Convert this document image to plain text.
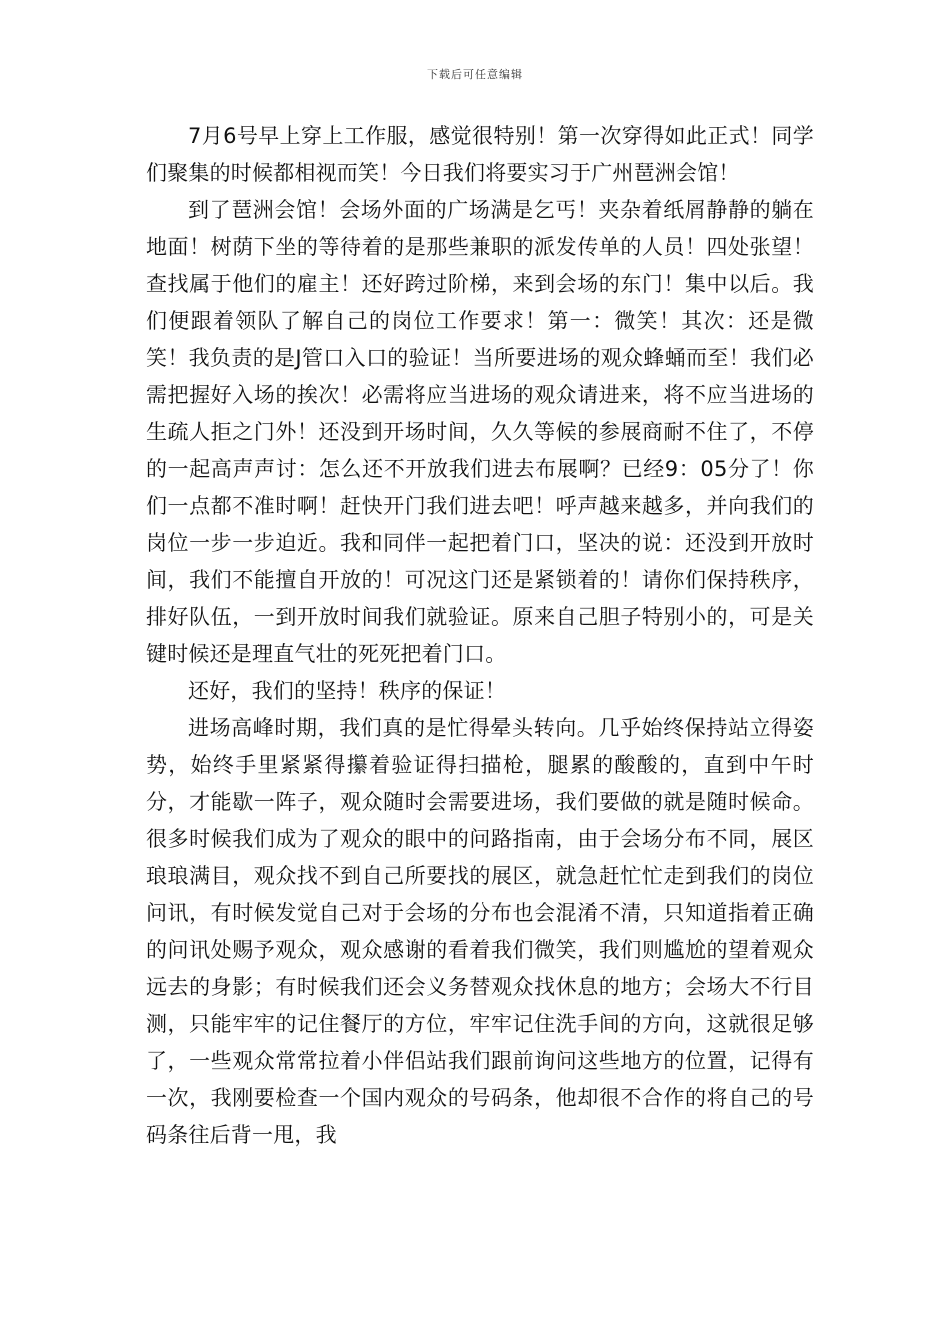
下载后可任意编辑

7月6号早上穿上工作服，感觉很特别！第一次穿得如此正式！同学们聚集的时候都相视而笑！今日我们将要实习于广州琶洲会馆！

到了琶洲会馆！会场外面的广场满是乞丐！夹杂着纸屑静静的躺在地面！树荫下坐的等待着的是那些兼职的派发传单的人员！四处张望！查找属于他们的雇主！还好跨过阶梯，来到会场的东门！集中以后。我们便跟着领队了解自己的岗位工作要求！第一：微笑！其次：还是微笑！我负责的是J管口入口的验证！当所要进场的观众蜂蛹而至！我们必需把握好入场的挨次！必需将应当进场的观众请进来，将不应当进场的生疏人拒之门外！还没到开场时间，久久等候的参展商耐不住了，不停的一起高声声讨：怎么还不开放我们进去布展啊？已经9：05分了！你们一点都不准时啊！赶快开门我们进去吧！呼声越来越多，并向我们的岗位一步一步迫近。我和同伴一起把着门口，坚决的说：还没到开放时间，我们不能擅自开放的！可况这门还是紧锁着的！请你们保持秩序，排好队伍，一到开放时间我们就验证。原来自己胆子特别小的，可是关键时候还是理直气壮的死死把着门口。

还好，我们的坚持！秩序的保证！

进场高峰时期，我们真的是忙得晕头转向。几乎始终保持站立得姿势，始终手里紧紧得攥着验证得扫描枪，腿累的酸酸的，直到中午时分，才能歇一阵子，观众随时会需要进场，我们要做的就是随时候命。很多时候我们成为了观众的眼中的问路指南，由于会场分布不同，展区琅琅满目，观众找不到自己所要找的展区，就急赶忙忙走到我们的岗位问讯，有时候发觉自己对于会场的分布也会混淆不清，只知道指着正确的问讯处赐予观众，观众感谢的看着我们微笑，我们则尴尬的望着观众远去的身影；有时候我们还会义务替观众找休息的地方；会场大不行目测，只能牢牢的记住餐厅的方位，牢牢记住洗手间的方向，这就很足够了，一些观众常常拉着小伴侣站我们跟前询问这些地方的位置，记得有一次，我刚要检查一个国内观众的号码条，他却很不合作的将自己的号码条往后背一甩，我
